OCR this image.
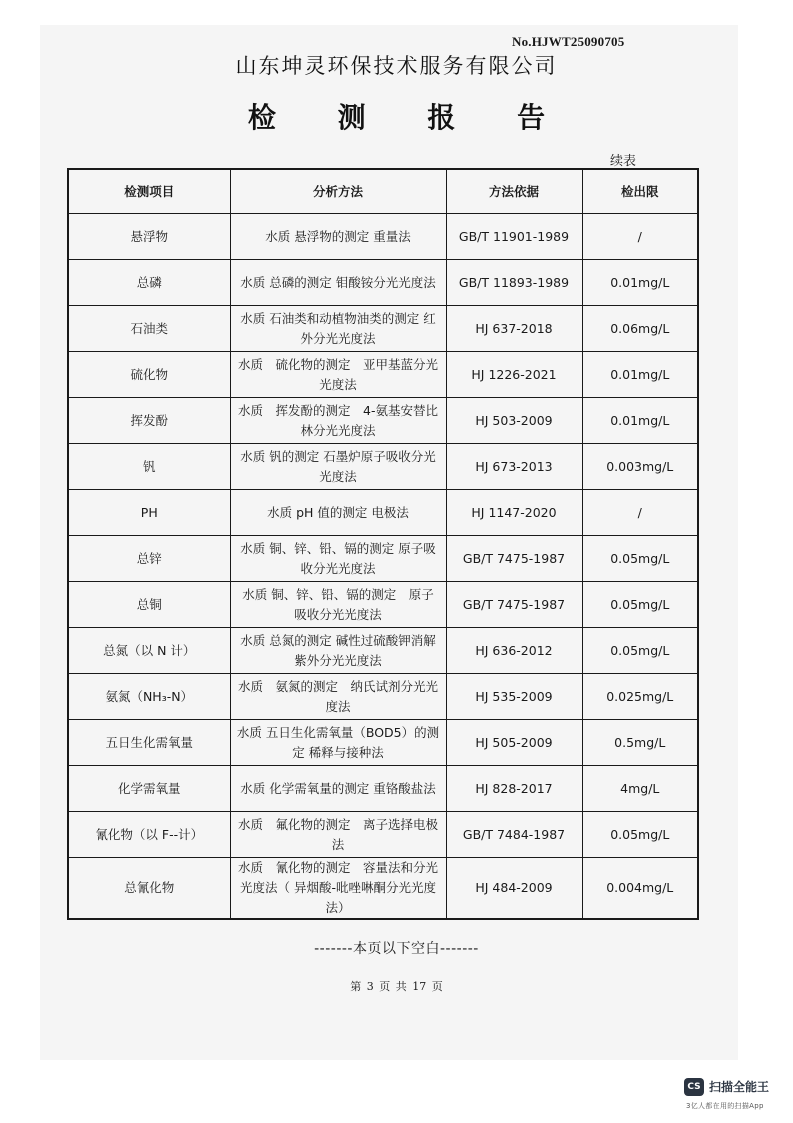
No.HJWT25090705
山东坤灵环保技术服务有限公司
检 测 报 告
续表
检测项目	分析方法	方法依据	检出限
悬浮物	水质 悬浮物的测定 重量法	GB/T 11901-1989	/
总磷	水质 总磷的测定 钼酸铵分光光度法	GB/T 11893-1989	0.01mg/L
石油类	水质 石油类和动植物油类的测定 红外分光光度法	HJ 637-2018	0.06mg/L
硫化物	水质　硫化物的测定　亚甲基蓝分光光度法	HJ 1226-2021	0.01mg/L
挥发酚	水质　挥发酚的测定　4-氨基安替比林分光光度法	HJ 503-2009	0.01mg/L
钒	水质 钒的测定 石墨炉原子吸收分光光度法	HJ 673-2013	0.003mg/L
PH	水质 pH 值的测定 电极法	HJ 1147-2020	/
总锌	水质 铜、锌、铅、镉的测定 原子吸收分光光度法	GB/T 7475-1987	0.05mg/L
总铜	水质 铜、锌、铅、镉的测定　原子吸收分光光度法	GB/T 7475-1987	0.05mg/L
总氮（以 N 计）	水质 总氮的测定 碱性过硫酸钾消解紫外分光光度法	HJ 636-2012	0.05mg/L
氨氮（NH₃-N）	水质　氨氮的测定　纳氏试剂分光光度法	HJ 535-2009	0.025mg/L
五日生化需氧量	水质 五日生化需氧量（BOD5）的测定 稀释与接种法	HJ 505-2009	0.5mg/L
化学需氧量	水质 化学需氧量的测定 重铬酸盐法	HJ 828-2017	4mg/L
氰化物（以 F--计）	水质　氟化物的测定　离子选择电极法	GB/T 7484-1987	0.05mg/L
总氰化物	水质　氰化物的测定　容量法和分光光度法（ 异烟酸-吡唑啉酮分光光度法）	HJ 484-2009	0.004mg/L
-------本页以下空白-------
第 3 页 共 17 页
CS 扫描全能王
3亿人都在用的扫描App
